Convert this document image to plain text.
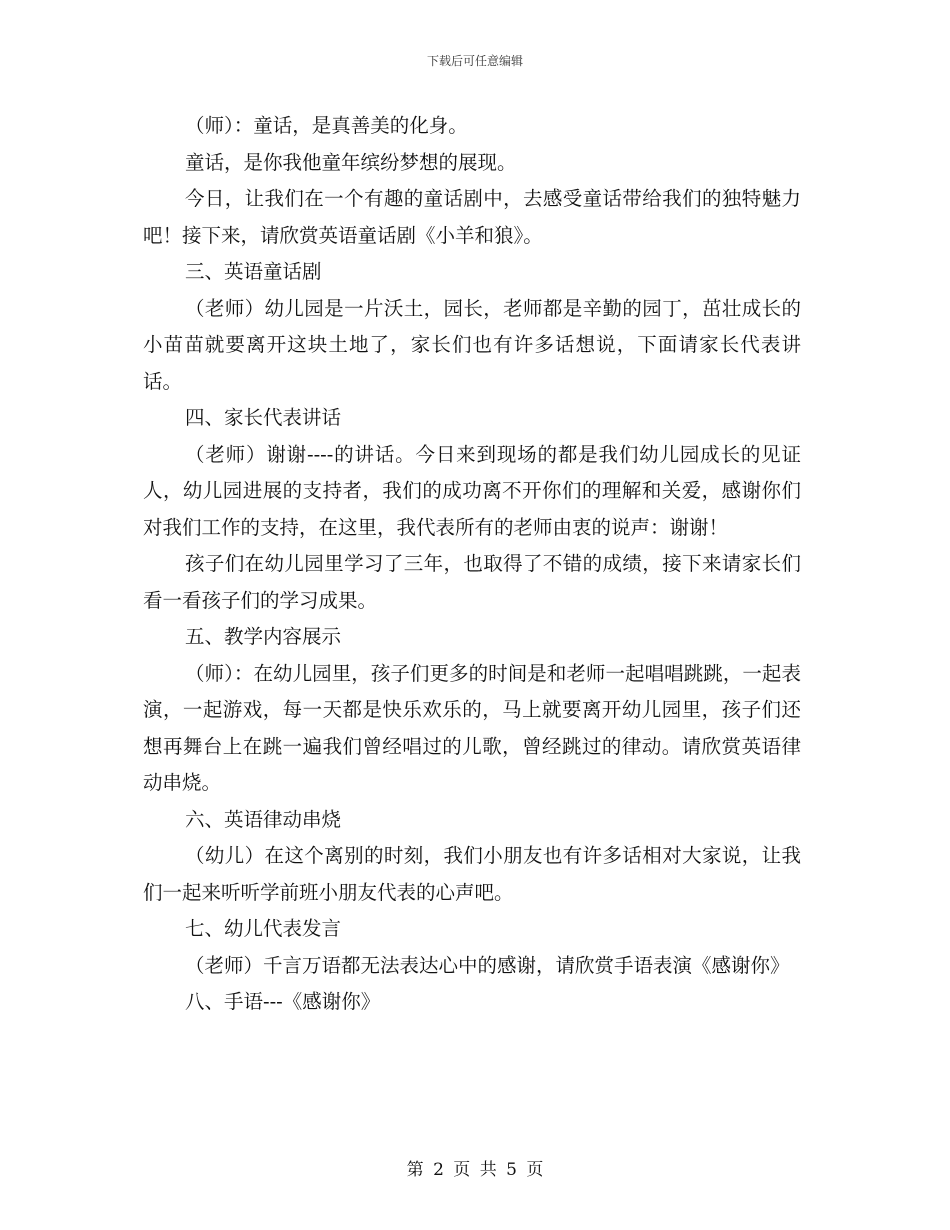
下载后可任意编辑

（师）：童话，是真善美的化身。

童话，是你我他童年缤纷梦想的展现。

今日，让我们在一个有趣的童话剧中，去感受童话带给我们的独特魅力吧！接下来，请欣赏英语童话剧《小羊和狼》。

三、英语童话剧

（老师）幼儿园是一片沃土，园长，老师都是辛勤的园丁，茁壮成长的小苗苗就要离开这块土地了，家长们也有许多话想说，下面请家长代表讲话。

四、家长代表讲话

（老师）谢谢----的讲话。今日来到现场的都是我们幼儿园成长的见证人，幼儿园进展的支持者，我们的成功离不开你们的理解和关爱，感谢你们对我们工作的支持，在这里，我代表所有的老师由衷的说声：谢谢！

孩子们在幼儿园里学习了三年，也取得了不错的成绩，接下来请家长们看一看孩子们的学习成果。

五、教学内容展示

（师）：在幼儿园里，孩子们更多的时间是和老师一起唱唱跳跳，一起表演，一起游戏，每一天都是快乐欢乐的，马上就要离开幼儿园里，孩子们还想再舞台上在跳一遍我们曾经唱过的儿歌，曾经跳过的律动。请欣赏英语律动串烧。

六、英语律动串烧

（幼儿）在这个离别的时刻，我们小朋友也有许多话相对大家说，让我们一起来听听学前班小朋友代表的心声吧。

七、幼儿代表发言

（老师）千言万语都无法表达心中的感谢，请欣赏手语表演《感谢你》

八、手语---《感谢你》

第 2 页 共 5 页
